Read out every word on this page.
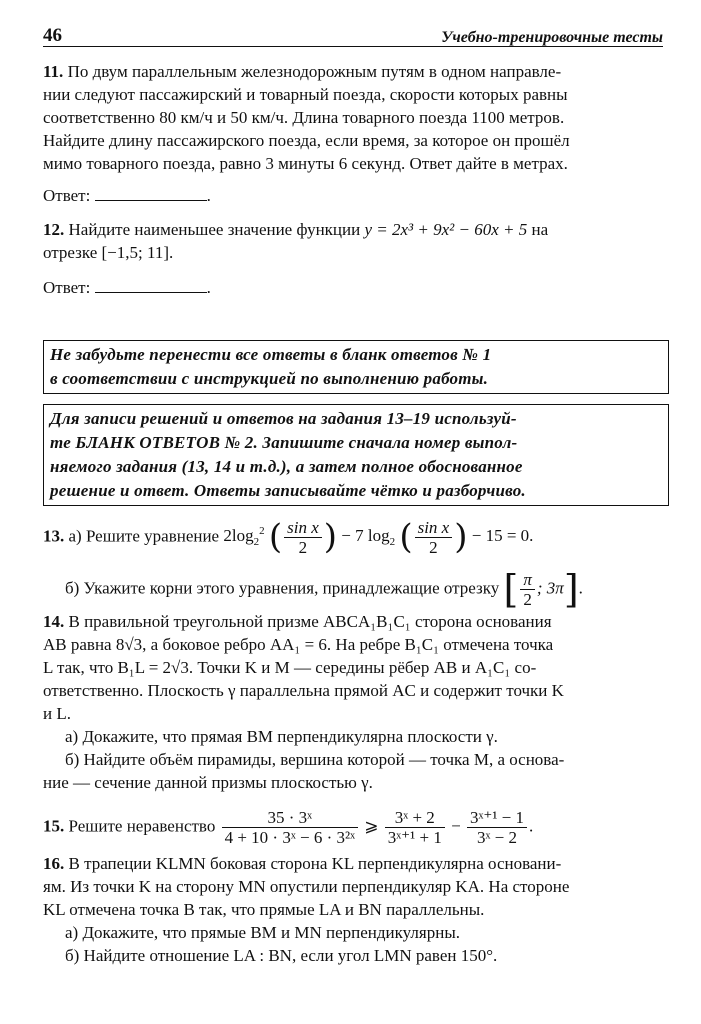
46	Учебно-тренировочные тесты
11. По двум параллельным железнодорожным путям в одном направле-
нии следуют пассажирский и товарный поезда, скорости которых равны
соответственно 80 км/ч и 50 км/ч. Длина товарного поезда 1100 метров.
Найдите длину пассажирского поезда, если время, за которое он прошёл
мимо товарного поезда, равно 3 минуты 6 секунд. Ответ дайте в метрах.
Ответ:	.
12. Найдите наименьшее значение функции y = 2x³ + 9x² − 60x + 5 на
отрезке [−1,5; 11].
Ответ:	.
Не забудьте перенести все ответы в бланк ответов № 1
в соответствии с инструкцией по выполнению работы.
Для записи решений и ответов на задания 13–19 используй-
те БЛАНК ОТВЕТОВ № 2. Запишите сначала номер выпол-
няемого задания (13, 14 и т.д.), а затем полное обоснованное
решение и ответ. Ответы записывайте чётко и разборчиво.
13. а) Решите уравнение $2\log_2^2$ ( $\frac{\text{sin x}}{2}$ ) − 7 $\log_2$ ( $\frac{\text{sin x}}{2}$ ) − 15 = 0.
б) Укажите корни этого уравнения, принадлежащие отрезку [ $\frac{\pi}{2}$ ; 3π].
14. В правильной треугольной призме ABCA₁B₁C₁ сторона основания
AB равна 8√3, а боковое ребро AA₁ = 6. На ребре B₁C₁ отмечена точка
L так, что B₁L = 2√3. Точки K и M — середины рёбер AB и A₁C₁ со-
ответственно. Плоскость γ параллельна прямой AC и содержит точки K
и L.
а) Докажите, что прямая BM перпендикулярна плоскости γ.
б) Найдите объём пирамиды, вершина которой — точка M, а основа-
ние — сечение данной призмы плоскостью γ.
15. Решите неравенство $\frac{\text{35 · 3ˣ}}{\text{4 + 10 · 3ˣ − 6 · 3²ˣ}}$ ⩾ $\frac{\text{3ˣ + 2}}{\text{3ˣ⁺¹ + 1}} - \frac{\text{3ˣ⁺¹ − 1}}{\text{3ˣ − 2}}$ .
16. В трапеции KLMN боковая сторона KL перпендикулярна основани-
ям. Из точки K на сторону MN опустили перпендикуляр KA. На стороне
KL отмечена точка B так, что прямые LA и BN параллельны.
а) Докажите, что прямые BM и MN перпендикулярны.
б) Найдите отношение LA : BN, если угол LMN равен 150°.
